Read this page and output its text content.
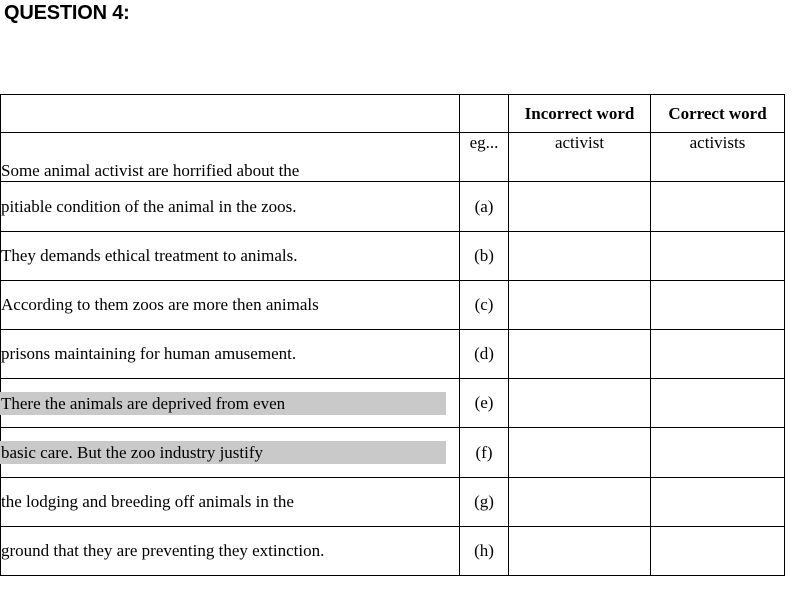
QUESTION 4:
		Incorrect word	Correct word
Some animal activist are horrified about the	eg...	activist	activists
pitiable condition of the animal in the zoos.	(a)		
They demands ethical treatment to animals.	(b)		
According to them zoos are more then animals	(c)		
prisons maintaining for human amusement.	(d)		
There the animals are deprived from even	(e)		
basic care. But the zoo industry justify	(f)		
the lodging and breeding off animals in the	(g)		
ground that they are preventing they extinction.	(h)		
